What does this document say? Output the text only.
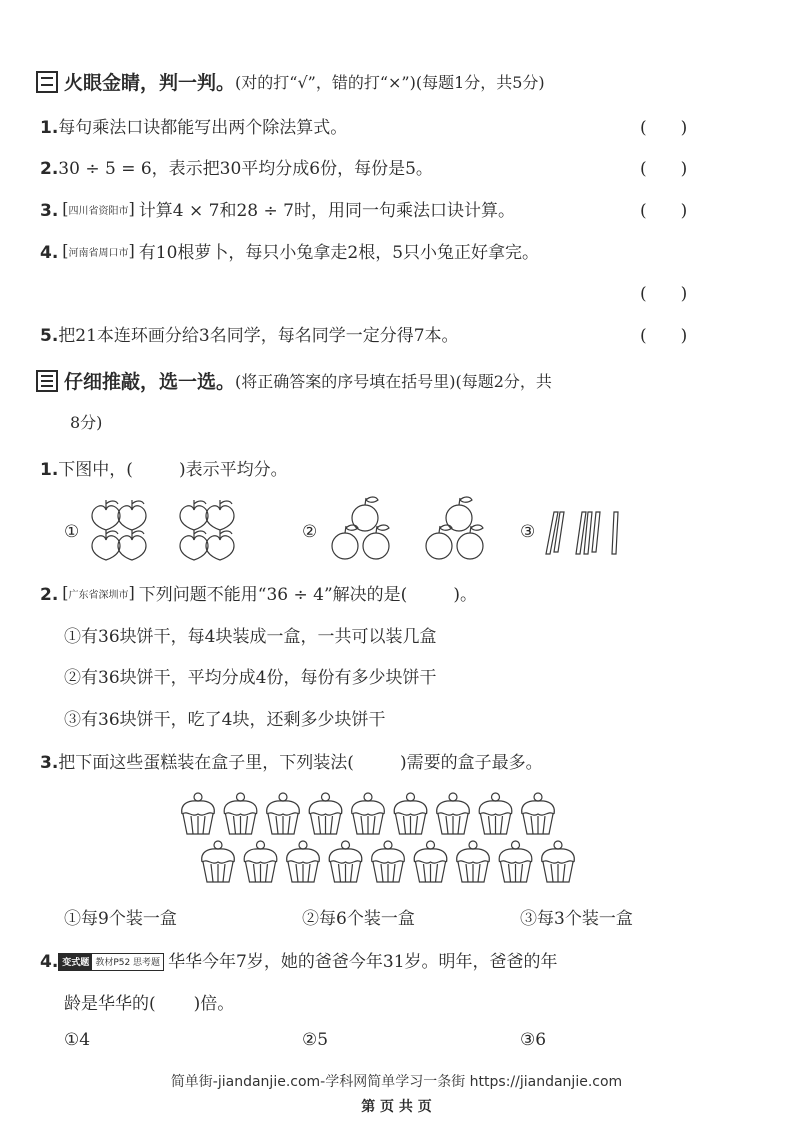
火眼金睛，判一判。 (对的打“√”，错的打“×”)(每题1分，共5分)
1. 每句乘法口诀都能写出两个除法算式。	(　　)
2. 30 ÷ 5 = 6，表示把30平均分成6份，每份是5。	(　　)
3.	[ 四川省资阳市 ] 计算4 × 7和28 ÷ 7时，用同一句乘法口诀计算。	(　　)
4.	[ 河南省周口市 ] 有10根萝卜，每只小兔拿走2根，5只小兔正好拿完。
(　　)
5. 把21本连环画分给3名同学，每名同学一定分得7本。	(　　)
仔细推敲，选一选。 (将正确答案的序号填在括号里)(每题2分，共
8分)
1. 下图中，(	)表示平均分。
①	②	③
2.	[ 广东省深圳市 ] 下列问题不能用“36 ÷ 4”解决的是(	)。
①有36块饼干，每4块装成一盒，一共可以装几盒
②有36块饼干，平均分成4份，每份有多少块饼干
③有36块饼干，吃了4块，还剩多少块饼干
3. 把下面这些蛋糕装在盒子里，下列装法(	)需要的盒子最多。
①每9个装一盒	②每6个装一盒	③每3个装一盒
4. 变式题 教材P52 思考题 华华今年7岁，她的爸爸今年31岁。明年，爸爸的年
龄是华华的( )倍。
①4	②5	③6
简单街-jiandanjie.com-学科网简单学习一条街 https://jiandanjie.com
第 页 共 页
